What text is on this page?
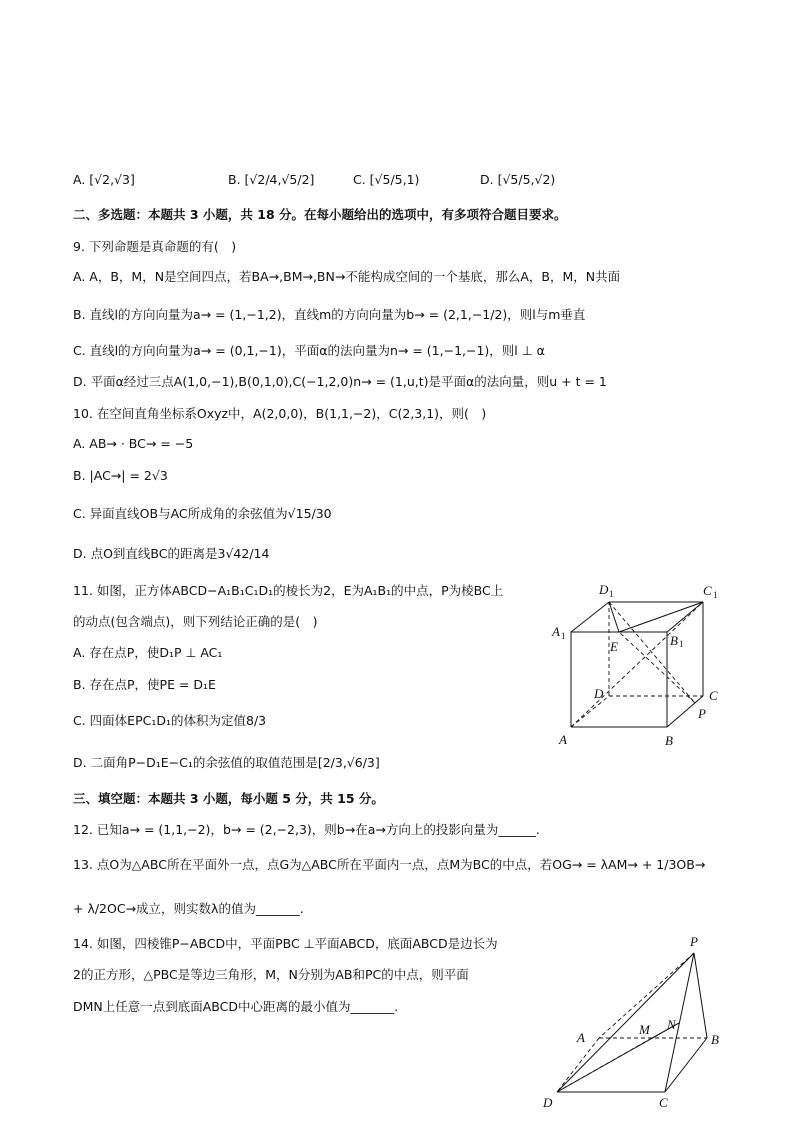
A. [√2,√3]	B. [√2/4,√5/2]	C. [√5/5,1)	D. [√5/5,√2)
二、多选题：本题共 3 小题，共 18 分。在每小题给出的选项中，有多项符合题目要求。
9. 下列命题是真命题的有(　)
A. A，B，M，N是空间四点，若BA→,BM→,BN→不能构成空间的一个基底，那么A，B，M，N共面
B. 直线l的方向向量为a→ = (1,−1,2)，直线m的方向向量为b→ = (2,1,−1/2)，则l与m垂直
C. 直线l的方向向量为a→ = (0,1,−1)，平面α的法向量为n→ = (1,−1,−1)，则l ⊥ α
D. 平面α经过三点A(1,0,−1),B(0,1,0),C(−1,2,0)n→ = (1,u,t)是平面α的法向量，则u + t = 1
10. 在空间直角坐标系Oxyz中，A(2,0,0)，B(1,1,−2)，C(2,3,1)，则(　)
A. AB→ · BC→ = −5
B. |AC→| = 2√3
C. 异面直线OB与AC所成角的余弦值为√15/30
D. 点O到直线BC的距离是3√42/14
11. 如图，正方体ABCD−A₁B₁C₁D₁的棱长为2，E为A₁B₁的中点，P为棱BC上
的动点(包含端点)，则下列结论正确的是(　)
A. 存在点P，使D₁P ⊥ AC₁
B. 存在点P，使PE = D₁E
C. 四面体EPC₁D₁的体积为定值8/3
D. 二面角P−D₁E−C₁的余弦值的取值范围是[2/3,√6/3]
三、填空题：本题共 3 小题，每小题 5 分，共 15 分。
12. 已知a→ = (1,1,−2)，b→ = (2,−2,3)，则b→在a→方向上的投影向量为______.
13. 点O为△ABC所在平面外一点，点G为△ABC所在平面内一点，点M为BC的中点，若OG→ = λAM→ + 1/3OB→
+ λ/2OC→成立，则实数λ的值为_______.
14. 如图，四棱锥P−ABCD中，平面PBC ⊥平面ABCD，底面ABCD是边长为
2的正方形，△PBC是等边三角形，M，N分别为AB和PC的中点，则平面
DMN上任意一点到底面ABCD中心距离的最小值为_______.
D 1	C 1
A 1	B 1
E
D	C
P
A	B
P
A
M N
B
D	C
